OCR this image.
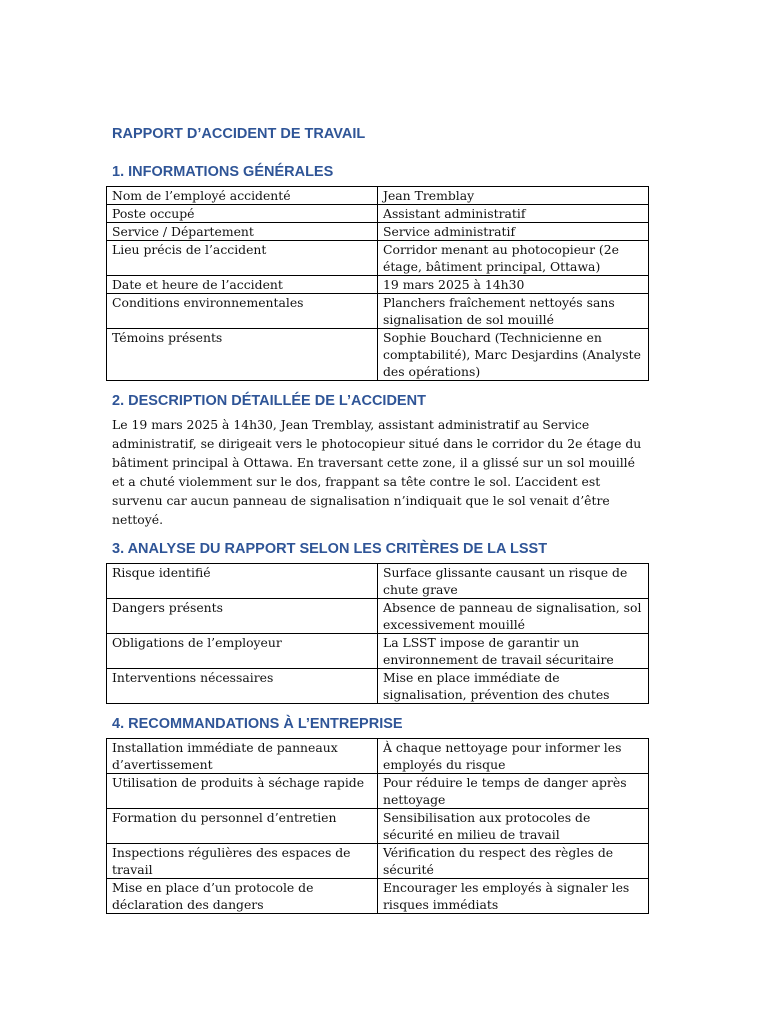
RAPPORT D’ACCIDENT DE TRAVAIL
1. INFORMATIONS GÉNÉRALES
Nom de l’employé accidenté	Jean Tremblay
Poste occupé	Assistant administratif
Service / Département	Service administratif
Lieu précis de l’accident	Corridor menant au photocopieur (2e étage, bâtiment principal, Ottawa)
Date et heure de l’accident	19 mars 2025 à 14h30
Conditions environnementales	Planchers fraîchement nettoyés sans signalisation de sol mouillé
Témoins présents	Sophie Bouchard (Technicienne en comptabilité), Marc Desjardins (Analyste des opérations)
2. DESCRIPTION DÉTAILLÉE DE L’ACCIDENT

Le 19 mars 2025 à 14h30, Jean Tremblay, assistant administratif au Service administratif, se dirigeait vers le photocopieur situé dans le corridor du 2e étage du bâtiment principal à Ottawa. En traversant cette zone, il a glissé sur un sol mouillé et a chuté violemment sur le dos, frappant sa tête contre le sol. L’accident est survenu car aucun panneau de signalisation n’indiquait que le sol venait d’être nettoyé.

3. ANALYSE DU RAPPORT SELON LES CRITÈRES DE LA LSST
Risque identifié	Surface glissante causant un risque de chute grave
Dangers présents	Absence de panneau de signalisation, sol excessivement mouillé
Obligations de l’employeur	La LSST impose de garantir un environnement de travail sécuritaire
Interventions nécessaires	Mise en place immédiate de signalisation, prévention des chutes
4. RECOMMANDATIONS À L’ENTREPRISE
Installation immédiate de panneaux d’avertissement	À chaque nettoyage pour informer les employés du risque
Utilisation de produits à séchage rapide	Pour réduire le temps de danger après nettoyage
Formation du personnel d’entretien	Sensibilisation aux protocoles de sécurité en milieu de travail
Inspections régulières des espaces de travail	Vérification du respect des règles de sécurité
Mise en place d’un protocole de déclaration des dangers	Encourager les employés à signaler les risques immédiats
